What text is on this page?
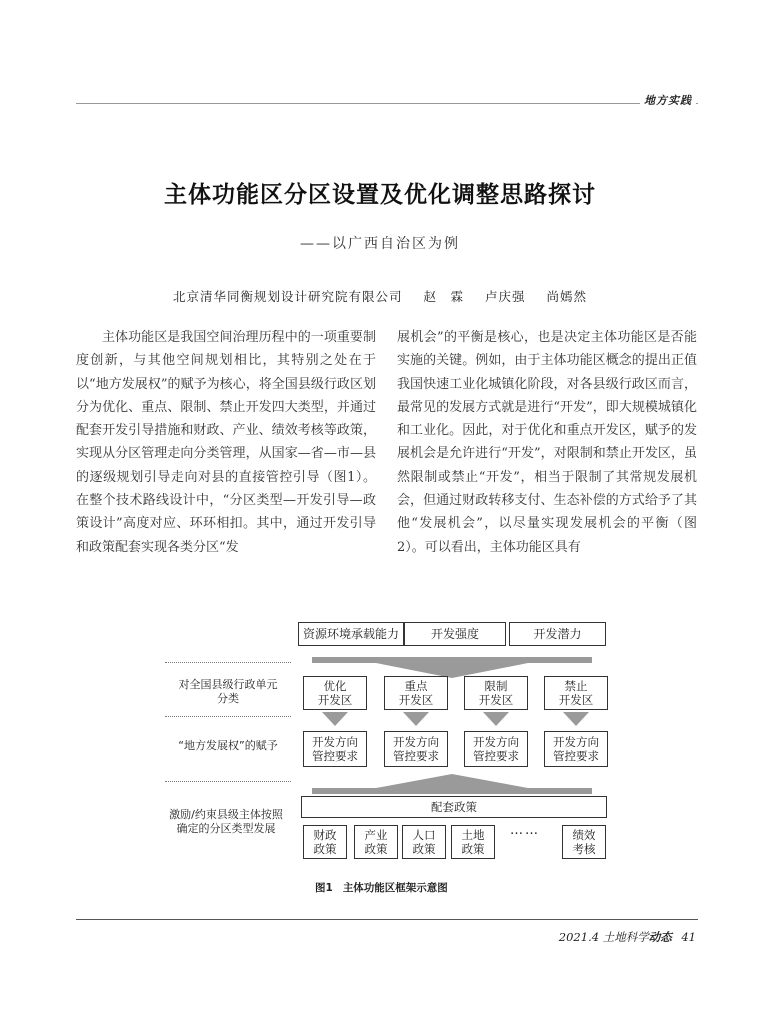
地方实践
主体功能区分区设置及优化调整思路探讨
——以广西自治区为例
北京清华同衡规划设计研究院有限公司 赵　霖 卢庆强 尚嫣然
主体功能区是我国空间治理历程中的一项重要制度创新，与其他空间规划相比，其特别之处在于以“地方发展权”的赋予为核心，将全国县级行政区划分为优化、重点、限制、禁止开发四大类型，并通过配套开发引导措施和财政、产业、绩效考核等政策，实现从分区管理走向分类管理，从国家—省—市—县的逐级规划引导走向对县的直接管控引导（图1）。在整个技术路线设计中，“分区类型—开发引导—政策设计”高度对应、环环相扣。其中，通过开发引导和政策配套实现各类分区“发
展机会”的平衡是核心，也是决定主体功能区是否能实施的关键。例如，由于主体功能区概念的提出正值我国快速工业化城镇化阶段，对各县级行政区而言，最常见的发展方式就是进行“开发”，即大规模城镇化和工业化。因此，对于优化和重点开发区，赋予的发展机会是允许进行“开发”，对限制和禁止开发区，虽然限制或禁止“开发”，相当于限制了其常规发展机会，但通过财政转移支付、生态补偿的方式给予了其他“发展机会”，以尽量实现发展机会的平衡（图2）。可以看出，主体功能区具有
资源环境承载能力	开发强度	开发潜力
对全国县级行政单元分类
“地方发展权”的赋予
激励/约束县级主体按照确定的分区类型发展
优化
开发区
重点
开发区
限制
开发区
禁止
开发区
开发方向
管控要求
开发方向
管控要求
开发方向
管控要求
开发方向
管控要求
配套政策
财政
政策
产业
政策
人口
政策
土地
政策
……	绩效
考核
图1 主体功能区框架示意图
2021.4 土地科学动态 41
